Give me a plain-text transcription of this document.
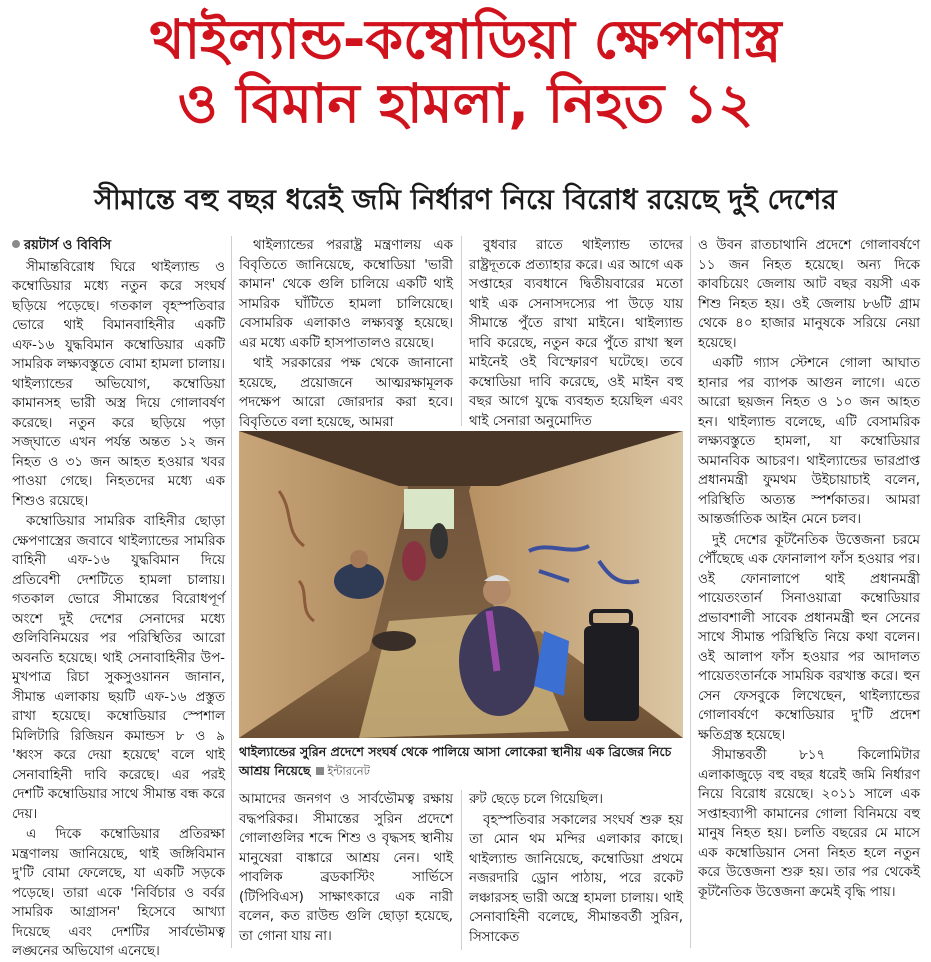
থাইল্যান্ড-কম্বোডিয়া ক্ষেপণাস্ত্র
ও বিমান হামলা, নিহত ১২
সীমান্তে বহু বছর ধরেই জমি নির্ধারণ নিয়ে বিরোধ রয়েছে দুই দেশের
রয়টার্স ও বিবিসি

সীমান্তবিরোধ ঘিরে থাইল্যান্ড ও কম্বোডিয়ার মধ্যে নতুন করে সংঘর্ষ ছড়িয়ে পড়েছে। গতকাল বৃহস্পতিবার ভোরে থাই বিমানবাহিনীর একটি এফ-১৬ যুদ্ধবিমান কম্বোডিয়ার একটি সামরিক লক্ষ্যবস্তুতে বোমা হামলা চালায়। থাইল্যান্ডের অভিযোগ, কম্বোডিয়া কামানসহ ভারী অস্ত্র দিয়ে গোলাবর্ষণ করেছে। নতুন করে ছড়িয়ে পড়া সজ্ঘাতে এখন পর্যন্ত অন্তত ১২ জন নিহত ও ৩১ জন আহত হওয়ার খবর পাওয়া গেছে। নিহতদের মধ্যে এক শিশুও রয়েছে।

কম্বোডিয়ার সামরিক বাহিনীর ছোড়া ক্ষেপণাস্ত্রের জবাবে থাইল্যান্ডের সামরিক বাহিনী এফ-১৬ যুদ্ধবিমান দিয়ে প্রতিবেশী দেশটিতে হামলা চালায়। গতকাল ভোরে সীমান্তের বিরোধপূর্ণ অংশে দুই দেশের সেনাদের মধ্যে গুলিবিনিময়ের পর পরিস্থিতির আরো অবনতি হয়েছে। থাই সেনাবাহিনীর উপ-মুখপাত্র রিচা সুকসুওয়ানন জানান, সীমান্ত এলাকায় ছয়টি এফ-১৬ প্রস্তুত রাখা হয়েছে। কম্বোডিয়ার স্পেশাল মিলিটারি রিজিয়ন কমান্ডস ৮ ও ৯ 'ধ্বংস করে দেয়া হয়েছে' বলে থাই সেনাবাহিনী দাবি করেছে। এর পরই দেশটি কম্বোডিয়ার সাথে সীমান্ত বন্ধ করে দেয়।

এ দিকে কম্বোডিয়ার প্রতিরক্ষা মন্ত্রণালয় জানিয়েছে, থাই জঙ্গিবিমান দু'টি বোমা ফেলেছে, যা একটি সড়কে পড়েছে। তারা একে 'নির্বিচার ও বর্বর সামরিক আগ্রাসন' হিসেবে আখ্যা দিয়েছে এবং দেশটির সার্বভৌমত্ব লঙ্ঘনের অভিযোগ এনেছে।

থাইল্যান্ডের পররাষ্ট্র মন্ত্রণালয় এক বিবৃতিতে জানিয়েছে, কম্বোডিয়া 'ভারী কামান' থেকে গুলি চালিয়ে একটি থাই সামরিক ঘাঁটিতে হামলা চালিয়েছে। বেসামরিক এলাকাও লক্ষ্যবস্তু হয়েছে। এর মধ্যে একটি হাসপাতালও রয়েছে।

থাই সরকারের পক্ষ থেকে জানানো হয়েছে, প্রয়োজনে আত্মরক্ষামূলক পদক্ষেপ আরো জোরদার করা হবে। বিবৃতিতে বলা হয়েছে, আমরা

বুধবার রাতে থাইল্যান্ড তাদের রাষ্ট্রদূতকে প্রত্যাহার করে। এর আগে এক সপ্তাহের ব্যবধানে দ্বিতীয়বারের মতো থাই এক সেনাসদস্যের পা উড়ে যায় সীমান্তে পুঁতে রাখা মাইনে। থাইল্যান্ড দাবি করেছে, নতুন করে পুঁতে রাখা স্থল মাইনেই ওই বিস্ফোরণ ঘটেছে। তবে কম্বোডিয়া দাবি করেছে, ওই মাইন বহু বছর আগে যুদ্ধে ব্যবহৃত হয়েছিল এবং থাই সেনারা অনুমোদিত

ও উবন রাতচাথানি প্রদেশে গোলাবর্ষণে ১১ জন নিহত হয়েছে। অন্য দিকে কাবচিয়েং জেলায় আট বছর বয়সী এক শিশু নিহত হয়। ওই জেলায় ৮৬টি গ্রাম থেকে ৪০ হাজার মানুষকে সরিয়ে নেয়া হয়েছে।

একটি গ্যাস স্টেশনে গোলা আঘাত হানার পর ব্যাপক আগুন লাগে। এতে আরো ছয়জন নিহত ও ১০ জন আহত হন। থাইল্যান্ড বলেছে, এটি বেসামরিক লক্ষ্যবস্তুতে হামলা, যা কম্বোডিয়ার অমানবিক আচরণ। থাইল্যান্ডের ভারপ্রাপ্ত প্রধানমন্ত্রী ফুমথম উইচায়াচাই বলেন, পরিস্থিতি অত্যন্ত স্পর্শকাতর। আমরা আন্তর্জাতিক আইন মেনে চলব।

দুই দেশের কূটনৈতিক উত্তেজনা চরমে পৌঁছেছে এক ফোনালাপ ফাঁস হওয়ার পর। ওই ফোনালাপে থাই প্রধানমন্ত্রী পায়েতংতার্ন সিনাওয়াত্রা কম্বোডিয়ার প্রভাবশালী সাবেক প্রধানমন্ত্রী হুন সেনের সাথে সীমান্ত পরিস্থিতি নিয়ে কথা বলেন। ওই আলাপ ফাঁস হওয়ার পর আদালত পায়েতংতার্নকে সাময়িক বরখাস্ত করে। হুন সেন ফেসবুকে লিখেছেন, থাইল্যান্ডের গোলাবর্ষণে কম্বোডিয়ার দু'টি প্রদেশ ক্ষতিগ্রস্ত হয়েছে।

সীমান্তবর্তী ৮১৭ কিলোমিটার এলাকাজুড়ে বহু বছর ধরেই জমি নির্ধারণ নিয়ে বিরোধ রয়েছে। ২০১১ সালে এক সপ্তাহব্যাপী কামানের গোলা বিনিময়ে বহু মানুষ নিহত হয়। চলতি বছরের মে মাসে এক কম্বোডিয়ান সেনা নিহত হলে নতুন করে উত্তেজনা শুরু হয়। তার পর থেকেই কূটনৈতিক উত্তেজনা ক্রমেই বৃদ্ধি পায়।

আমাদের জনগণ ও সার্বভৌমত্ব রক্ষায় বদ্ধপরিকর। সীমান্তের সুরিন প্রদেশে গোলাগুলির শব্দে শিশু ও বৃদ্ধসহ স্থানীয় মানুষেরা বাঙ্কারে আশ্রয় নেন। থাই পাবলিক ব্রডকাস্টিং সার্ভিসে (টিপিবিএস) সাক্ষাৎকারে এক নারী বলেন, কত রাউন্ড গুলি ছোড়া হয়েছে, তা গোনা যায় না।

রুট ছেড়ে চলে গিয়েছিল।

বৃহস্পতিবার সকালের সংঘর্ষ শুরু হয় তা মোন থম মন্দির এলাকার কাছে। থাইল্যান্ড জানিয়েছে, কম্বোডিয়া প্রথমে নজরদারি ড্রোন পাঠায়, পরে রকেট লঞ্চারসহ ভারী অস্ত্রে হামলা চালায়। থাই সেনাবাহিনী বলেছে, সীমান্তবর্তী সুরিন, সিসাকেত

থাইল্যান্ডের সুরিন প্রদেশে সংঘর্ষ থেকে পালিয়ে আসা লোকেরা স্থানীয় এক ব্রিজের নিচে আশ্রয় নিয়েছে ইন্টারনেট
